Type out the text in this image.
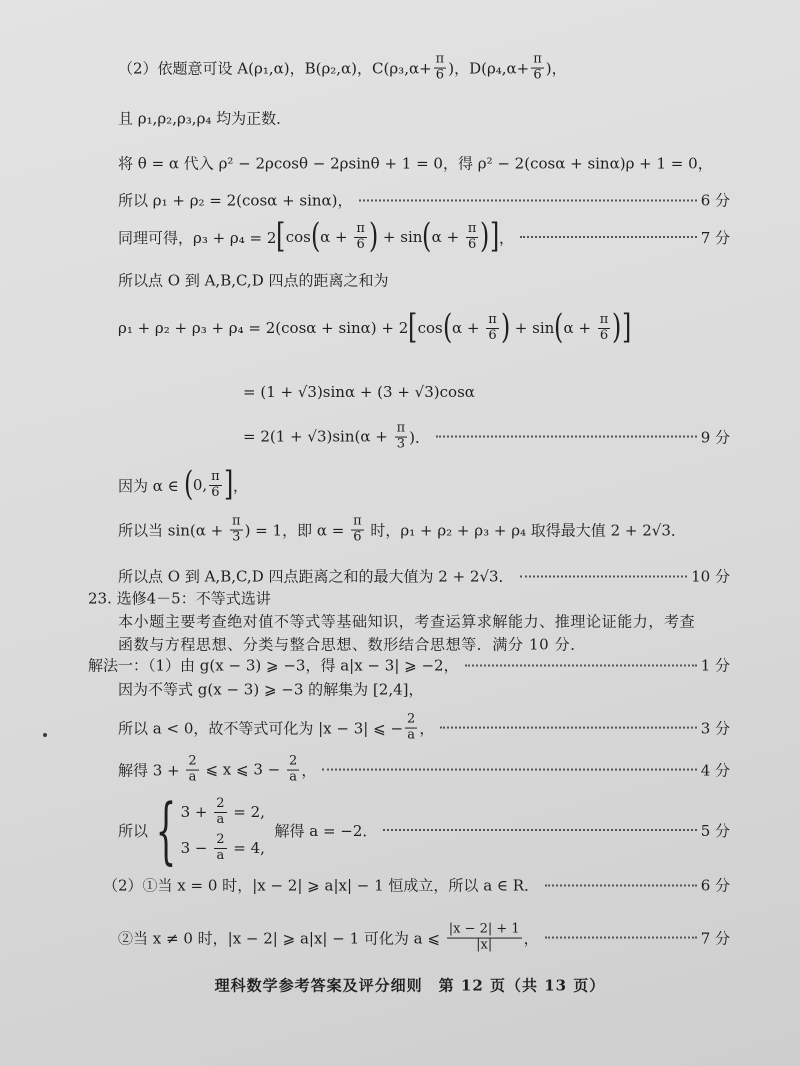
（2）依题意可设 A(ρ₁,α)，B(ρ₂,α)，$C(\rho_3,\alpha+ \frac{\pi}{6}$ )，$D(\rho_4,\alpha+ \frac{\pi}{6}$ )，
且 ρ₁,ρ₂,ρ₃,ρ₄ 均为正数．
将 θ = α 代入 ρ² − 2ρcosθ − 2ρsinθ + 1 = 0，得 ρ² − 2(cosα + sinα)ρ + 1 = 0，
所以 ρ₁ + ρ₂ = 2(cosα + sinα)，	6 分
同理可得，ρ₃ + ρ₄ = 2 [ cos ( $\alpha + \frac{\pi}{6}$ ) + sin ( $\alpha + \frac{\pi}{6}$ ) ] ，	7 分
所以点 O 到 A,B,C,D 四点的距离之和为
ρ₁ + ρ₂ + ρ₃ + ρ₄ = 2(cosα + sinα) + 2 [ cos ( $\alpha + \frac{\pi}{6}$ ) + sin ( $\alpha + \frac{\pi}{6}$ ) ]
= (1 + √3)sinα + (3 + √3)cosα
= $2(1 + √3)\sin(\alpha + \frac{\pi}{3}$ )．	9 分
因为 α ∈ ( 0, $\frac{\pi}{6}$ ] ，
所以当 $\sin(\alpha + \frac{\pi}{3}$ ) = 1，即 $\alpha = \frac{\pi}{6}$ 时，ρ₁ + ρ₂ + ρ₃ + ρ₄ 取得最大值 2 + 2√3．
所以点 O 到 A,B,C,D 四点距离之和的最大值为 2 + 2√3．	10 分
23. 选修4－5：不等式选讲
本小题主要考查绝对值不等式等基础知识，考查运算求解能力、推理论证能力，考查
函数与方程思想、分类与整合思想、数形结合思想等．满分 10 分．
解法一：（1）由 g(x − 3) ⩾ −3，得 a|x − 3| ⩾ −2，	1 分
因为不等式 g(x − 3) ⩾ −3 的解集为 [2,4]，
所以 a < 0，故不等式可化为 |x − 3| ⩽ − $\frac{2}{a}$ ，	3 分
解得 $3 + \frac{2}{a}$ ⩽ x ⩽ $3 - \frac{2}{a}$ ，	4 分
所以 { $3 + \frac{2}{a} = 2$,
$3 - \frac{2}{a} = 4$,
解得 a = −2．	5 分
（2）①当 x = 0 时，|x − 2| ⩾ a|x| − 1 恒成立，所以 a ∈ R．	6 分
②当 x ≠ 0 时，|x − 2| ⩾ a|x| − 1 可化为 a ⩽ $\frac{|x - 2| + 1}{|x|}$ ，	7 分
理科数学参考答案及评分细则　第 12 页（共 13 页）
